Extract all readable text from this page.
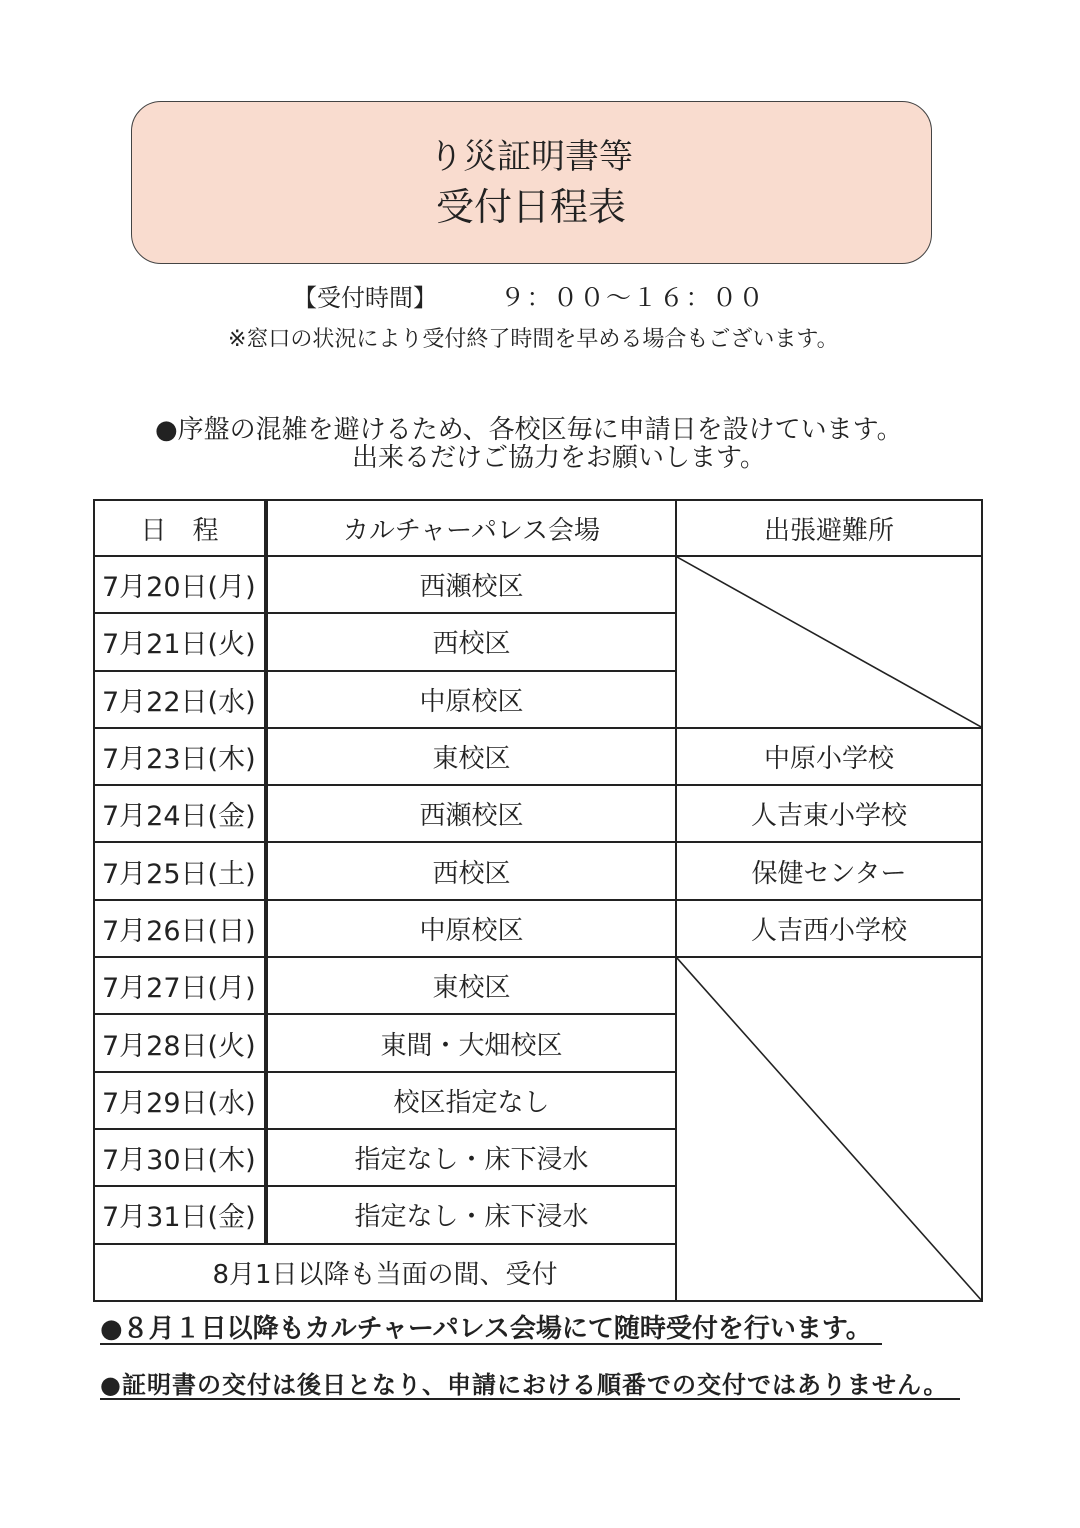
り災証明書等
受付日程表
【受付時間】	９：００～１６：００
※窓口の状況により受付終了時間を早める場合もございます。
●序盤の混雑を避けるため、各校区毎に申請日を設けています。
出来るだけご協力をお願いします。
日　程	カルチャーパレス会場	出張避難所
7月20日(月)	西瀬校区
7月21日(火)	西校区
7月22日(水)	中原校区
7月23日(木)	東校区	中原小学校
7月24日(金)	西瀬校区	人吉東小学校
7月25日(土)	西校区	保健センター
7月26日(日)	中原校区	人吉西小学校
7月27日(月)	東校区
7月28日(火)	東間・大畑校区
7月29日(水)	校区指定なし
7月30日(木)	指定なし・床下浸水
7月31日(金)	指定なし・床下浸水
8月1日以降も当面の間、受付
●８月１日以降もカルチャーパレス会場にて随時受付を行います。
●証明書の交付は後日となり、申請における順番での交付ではありません。
